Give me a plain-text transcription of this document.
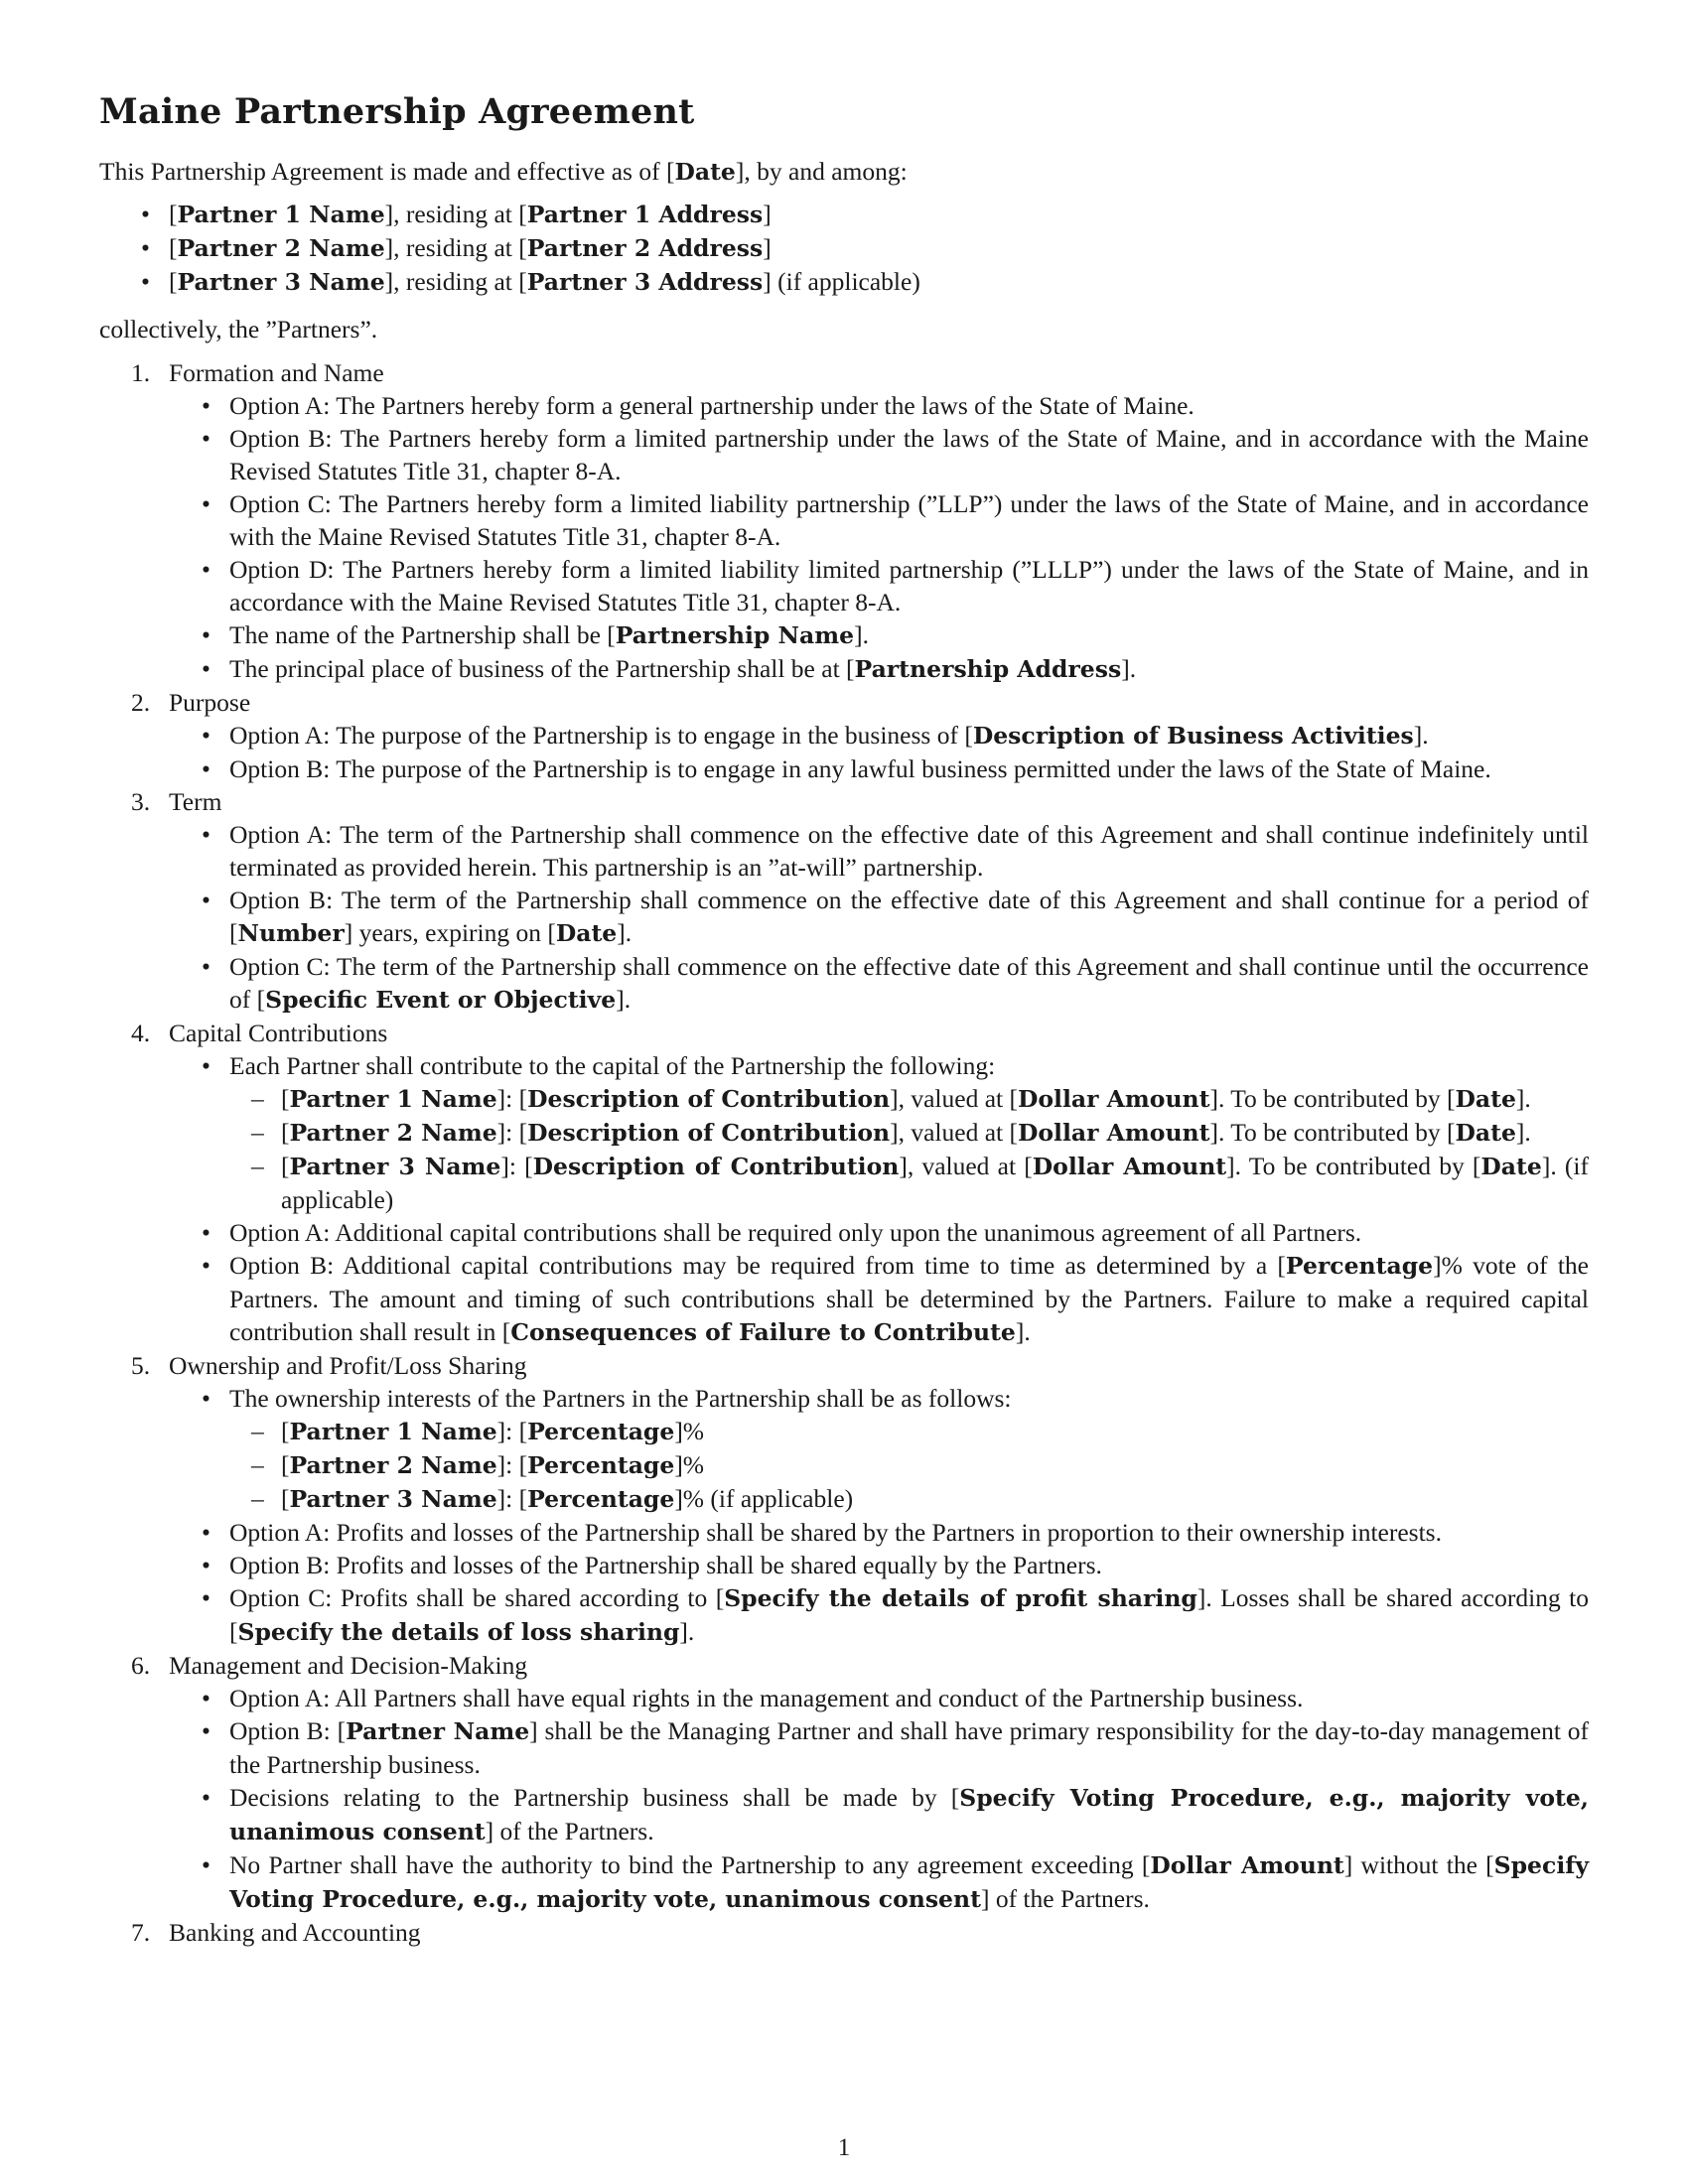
Maine Partnership Agreement

This Partnership Agreement is made and effective as of [Date], by and among:

• [Partner 1 Name], residing at [Partner 1 Address]
• [Partner 2 Name], residing at [Partner 2 Address]
• [Partner 3 Name], residing at [Partner 3 Address] (if applicable)

collectively, the ”Partners”.

1. Formation and Name
• Option A: The Partners hereby form a general partnership under the laws of the State of Maine.
• Option B: The Partners hereby form a limited partnership under the laws of the State of Maine, and in accordance with the Maine Revised Statutes Title 31, chapter 8-A.
• Option C: The Partners hereby form a limited liability partnership (”LLP”) under the laws of the State of Maine, and in accordance with the Maine Revised Statutes Title 31, chapter 8-A.
• Option D: The Partners hereby form a limited liability limited partnership (”LLLP”) under the laws of the State of Maine, and in accordance with the Maine Revised Statutes Title 31, chapter 8-A.
• The name of the Partnership shall be [Partnership Name].
• The principal place of business of the Partnership shall be at [Partnership Address].
2. Purpose
• Option A: The purpose of the Partnership is to engage in the business of [Description of Business Activities].
• Option B: The purpose of the Partnership is to engage in any lawful business permitted under the laws of the State of Maine.
3. Term
• Option A: The term of the Partnership shall commence on the effective date of this Agreement and shall continue indefinitely until terminated as provided herein. This partnership is an ”at-will” partnership.
• Option B: The term of the Partnership shall commence on the effective date of this Agreement and shall continue for a period of [Number] years, expiring on [Date].
• Option C: The term of the Partnership shall commence on the effective date of this Agreement and shall continue until the occurrence of [Specific Event or Objective].
4. Capital Contributions
• Each Partner shall contribute to the capital of the Partnership the following:
– [Partner 1 Name]: [Description of Contribution], valued at [Dollar Amount]. To be contributed by [Date].
– [Partner 2 Name]: [Description of Contribution], valued at [Dollar Amount]. To be contributed by [Date].
– [Partner 3 Name]: [Description of Contribution], valued at [Dollar Amount]. To be contributed by [Date]. (if applicable)
• Option A: Additional capital contributions shall be required only upon the unanimous agreement of all Partners.
• Option B: Additional capital contributions may be required from time to time as determined by a [Percentage]% vote of the Partners. The amount and timing of such contributions shall be determined by the Partners. Failure to make a required capital contribution shall result in [Consequences of Failure to Contribute].
5. Ownership and Profit/Loss Sharing
• The ownership interests of the Partners in the Partnership shall be as follows:
– [Partner 1 Name]: [Percentage]%
– [Partner 2 Name]: [Percentage]%
– [Partner 3 Name]: [Percentage]% (if applicable)
• Option A: Profits and losses of the Partnership shall be shared by the Partners in proportion to their ownership interests.
• Option B: Profits and losses of the Partnership shall be shared equally by the Partners.
• Option C: Profits shall be shared according to [Specify the details of profit sharing]. Losses shall be shared according to [Specify the details of loss sharing].
6. Management and Decision-Making
• Option A: All Partners shall have equal rights in the management and conduct of the Partnership business.
• Option B: [Partner Name] shall be the Managing Partner and shall have primary responsibility for the day-to-day management of the Partnership business.
• Decisions relating to the Partnership business shall be made by [Specify Voting Procedure, e.g., majority vote, unanimous consent] of the Partners.
• No Partner shall have the authority to bind the Partnership to any agreement exceeding [Dollar Amount] without the [Specify Voting Procedure, e.g., majority vote, unanimous consent] of the Partners.
7. Banking and Accounting
1
